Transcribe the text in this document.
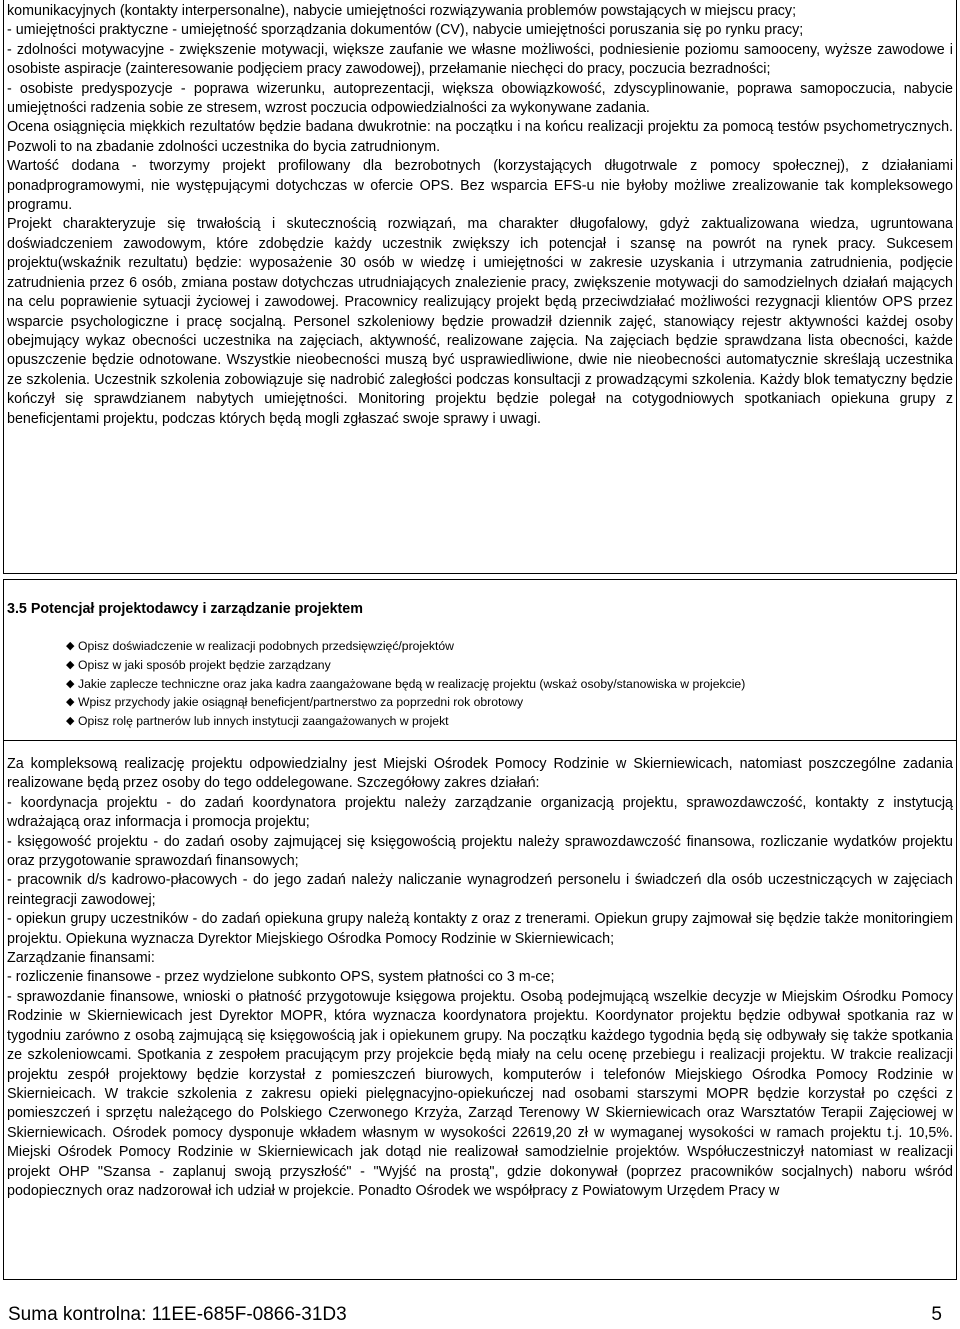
komunikacyjnych (kontakty interpersonalne), nabycie umiejętności rozwiązywania problemów powstających w miejscu pracy;

- umiejętności praktyczne - umiejętność sporządzania dokumentów (CV), nabycie umiejętności poruszania się po rynku pracy;

- zdolności motywacyjne - zwiększenie motywacji, większe zaufanie we własne możliwości, podniesienie poziomu samooceny, wyższe zawodowe i osobiste aspiracje (zainteresowanie podjęciem pracy zawodowej), przełamanie niechęci do pracy, poczucia bezradności;

- osobiste predyspozycje - poprawa wizerunku, autoprezentacji, większa obowiązkowość, zdyscyplinowanie, poprawa samopoczucia, nabycie umiejętności radzenia sobie ze stresem, wzrost poczucia odpowiedzialności za wykonywane zadania.

Ocena osiągnięcia miękkich rezultatów będzie badana dwukrotnie: na początku i na końcu realizacji projektu za pomocą testów psychometrycznych. Pozwoli to na zbadanie zdolności uczestnika do bycia zatrudnionym.

Wartość dodana - tworzymy projekt profilowany dla bezrobotnych (korzystających długotrwale z pomocy społecznej), z działaniami ponadprogramowymi, nie występującymi dotychczas w ofercie OPS. Bez wsparcia EFS-u nie byłoby możliwe zrealizowanie tak kompleksowego programu.

Projekt charakteryzuje się trwałością i skutecznością rozwiązań, ma charakter długofalowy, gdyż zaktualizowana wiedza, ugruntowana doświadczeniem zawodowym, które zdobędzie każdy uczestnik zwiększy ich potencjał i szansę na powrót na rynek pracy. Sukcesem projektu(wskaźnik rezultatu) będzie: wyposażenie 30 osób w wiedzę i umiejętności w zakresie uzyskania i utrzymania zatrudnienia, podjęcie zatrudnienia przez 6 osób, zmiana postaw dotychczas utrudniających znalezienie pracy, zwiększenie motywacji do samodzielnych działań mających na celu poprawienie sytuacji życiowej i zawodowej. Pracownicy realizujący projekt będą przeciwdziałać możliwości rezygnacji klientów OPS przez wsparcie psychologiczne i pracę socjalną. Personel szkoleniowy będzie prowadził dziennik zajęć, stanowiący rejestr aktywności każdej osoby obejmujący wykaz obecności uczestnika na zajęciach, aktywność, realizowane zajęcia. Na zajęciach będzie sprawdzana lista obecności, każde opuszczenie będzie odnotowane. Wszystkie nieobecności muszą być usprawiedliwione, dwie nie nieobecności automatycznie skreślają uczestnika ze szkolenia. Uczestnik szkolenia zobowiązuje się nadrobić zaległości podczas konsultacji z prowadzącymi szkolenia. Każdy blok tematyczny będzie kończył się sprawdzianem nabytych umiejętności. Monitoring projektu będzie polegał na cotygodniowych spotkaniach opiekuna grupy z beneficjentami projektu, podczas których będą mogli zgłaszać swoje sprawy i uwagi.

3.5 Potencjał projektodawcy i zarządzanie projektem
◆ Opisz doświadczenie w realizacji podobnych przedsięwzięć/projektów
◆ Opisz w jaki sposób projekt będzie zarządzany
◆ Jakie zaplecze techniczne oraz jaka kadra zaangażowane będą w realizację projektu (wskaż osoby/stanowiska w projekcie)
◆ Wpisz przychody jakie osiągnął beneficjent/partnerstwo za poprzedni rok obrotowy
◆ Opisz rolę partnerów lub innych instytucji zaangażowanych w projekt

Za kompleksową realizację projektu odpowiedzialny jest Miejski Ośrodek Pomocy Rodzinie w Skierniewicach, natomiast poszczególne zadania realizowane będą przez osoby do tego oddelegowane. Szczegółowy zakres działań:

- koordynacja projektu - do zadań koordynatora projektu należy zarządzanie organizacją projektu, sprawozdawczość, kontakty z instytucją wdrażającą oraz informacja i promocja projektu;

- księgowość projektu - do zadań osoby zajmującej się księgowością projektu należy sprawozdawczość finansowa, rozliczanie wydatków projektu oraz przygotowanie sprawozdań finansowych;

- pracownik d/s kadrowo-płacowych - do jego zadań należy naliczanie wynagrodzeń personelu i świadczeń dla osób uczestniczących w zajęciach reintegracji zawodowej;

- opiekun grupy uczestników - do zadań opiekuna grupy należą kontakty z oraz z trenerami. Opiekun grupy zajmował się będzie także monitoringiem projektu. Opiekuna wyznacza Dyrektor Miejskiego Ośrodka Pomocy Rodzinie w Skierniewicach;

Zarządzanie finansami:

- rozliczenie finansowe - przez wydzielone subkonto OPS, system płatności co 3 m-ce;

- sprawozdanie finansowe, wnioski o płatność przygotowuje księgowa projektu. Osobą podejmującą wszelkie decyzje w Miejskim Ośrodku Pomocy Rodzinie w Skierniewicach jest Dyrektor MOPR, która wyznacza koordynatora projektu. Koordynator projektu będzie odbywał spotkania raz w tygodniu zarówno z osobą zajmującą się księgowością jak i opiekunem grupy. Na początku każdego tygodnia będą się odbywały się także spotkania ze szkoleniowcami. Spotkania z zespołem pracującym przy projekcie będą miały na celu ocenę przebiegu i realizacji projektu. W trakcie realizacji projektu zespół projektowy będzie korzystał z pomieszczeń biurowych, komputerów i telefonów Miejskiego Ośrodka Pomocy Rodzinie w Skiernieicach. W trakcie szkolenia z zakresu opieki pielęgnacyjno-opiekuńczej nad osobami starszymi MOPR będzie korzystał po części z pomieszczeń i sprzętu należącego do Polskiego Czerwonego Krzyża, Zarząd Terenowy W Skierniewicach oraz Warsztatów Terapii Zajęciowej w Skierniewicach. Ośrodek pomocy dysponuje wkładem własnym w wysokości 22619,20 zł w wymaganej wysokości w ramach projektu t.j. 10,5%. Miejski Ośrodek Pomocy Rodzinie w Skierniewicach jak dotąd nie realizował samodzielnie projektów. Współuczestniczył natomiast w realizacji projekt OHP "Szansa - zaplanuj swoją przyszłość" - "Wyjść na prostą", gdzie dokonywał (poprzez pracowników socjalnych) naboru wśród podopiecznych oraz nadzorował ich udział w projekcie. Ponadto Ośrodek we współpracy z Powiatowym Urzędem Pracy w

Suma kontrolna: 11EE-685F-0866-31D3	5
